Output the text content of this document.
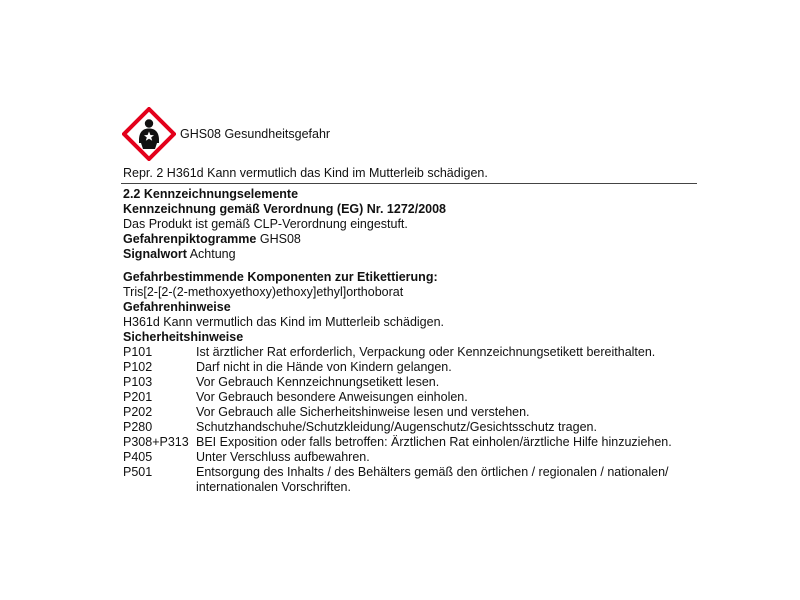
GHS08 Gesundheitsgefahr
Repr. 2 H361d Kann vermutlich das Kind im Mutterleib schädigen.
2.2 Kennzeichnungselemente
Kennzeichnung gemäß Verordnung (EG) Nr. 1272/2008
Das Produkt ist gemäß CLP-Verordnung eingestuft.
Gefahrenpiktogramme GHS08
Signalwort Achtung
Gefahrbestimmende Komponenten zur Etikettierung:
Tris[2-[2-(2-methoxyethoxy)ethoxy]ethyl]orthoborat
Gefahrenhinweise
H361d Kann vermutlich das Kind im Mutterleib schädigen.
Sicherheitshinweise
P101	Ist ärztlicher Rat erforderlich, Verpackung oder Kennzeichnungsetikett bereithalten.
P102	Darf nicht in die Hände von Kindern gelangen.
P103	Vor Gebrauch Kennzeichnungsetikett lesen.
P201	Vor Gebrauch besondere Anweisungen einholen.
P202	Vor Gebrauch alle Sicherheitshinweise lesen und verstehen.
P280	Schutzhandschuhe/Schutzkleidung/Augenschutz/Gesichtsschutz tragen.
P308+P313 BEI Exposition oder falls betroffen: Ärztlichen Rat einholen/ärztliche Hilfe hinzuziehen.
P405	Unter Verschluss aufbewahren.
P501	Entsorgung des Inhalts / des Behälters gemäß den örtlichen / regionalen / nationalen/ internationalen Vorschriften.
